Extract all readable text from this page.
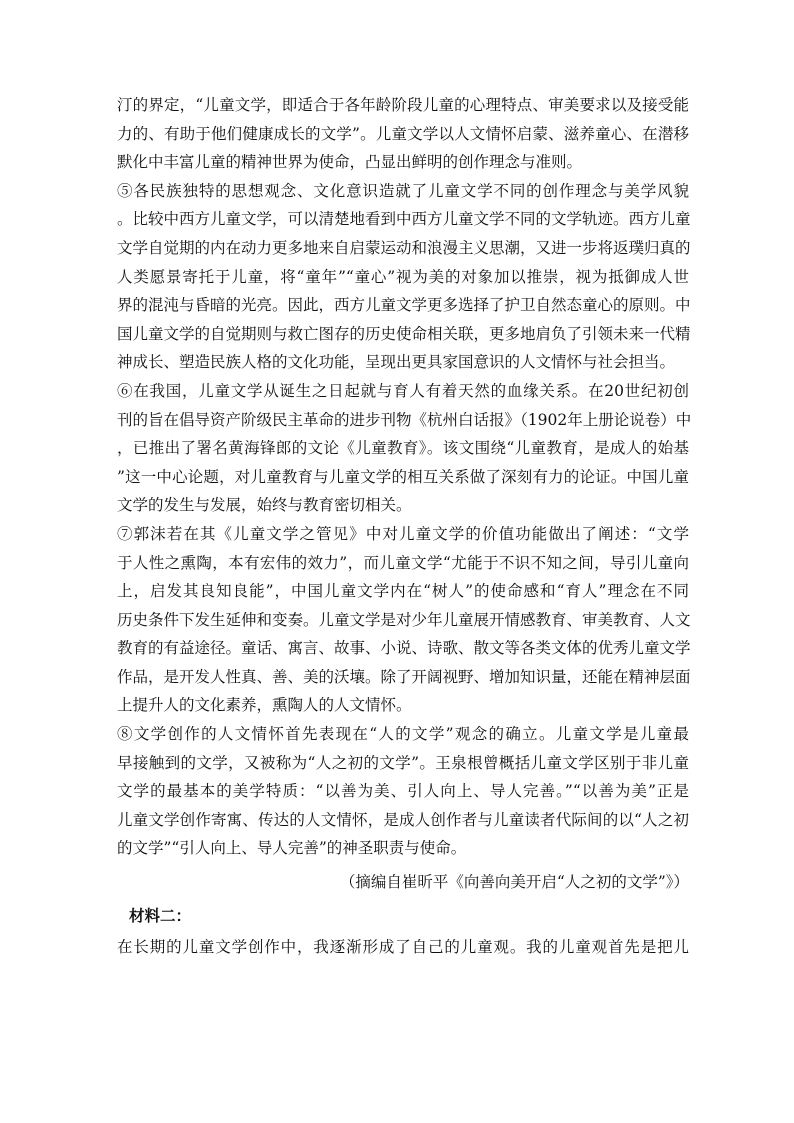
汀的界定，“儿童文学，即适合于各年龄阶段儿童的心理特点、审美要求以及接受能
力的、有助于他们健康成长的文学”。儿童文学以人文情怀启蒙、滋养童心、在潜移
默化中丰富儿童的精神世界为使命，凸显出鲜明的创作理念与准则。
⑤各民族独特的思想观念、文化意识造就了儿童文学不同的创作理念与美学风貌
。比较中西方儿童文学，可以清楚地看到中西方儿童文学不同的文学轨迹。西方儿童
文学自觉期的内在动力更多地来自启蒙运动和浪漫主义思潮，又进一步将返璞归真的
人类愿景寄托于儿童，将“童年”“童心”视为美的对象加以推崇，视为抵御成人世
界的混沌与昏暗的光亮。因此，西方儿童文学更多选择了护卫自然态童心的原则。中
国儿童文学的自觉期则与救亡图存的历史使命相关联，更多地肩负了引领未来一代精
神成长、塑造民族人格的文化功能，呈现出更具家国意识的人文情怀与社会担当。
⑥在我国，儿童文学从诞生之日起就与育人有着天然的血缘关系。在20世纪初创
刊的旨在倡导资产阶级民主革命的进步刊物《杭州白话报》（1902年上册论说卷）中
，已推出了署名黄海锋郎的文论《儿童教育》。该文围绕“儿童教育，是成人的始基
”这一中心论题，对儿童教育与儿童文学的相互关系做了深刻有力的论证。中国儿童
文学的发生与发展，始终与教育密切相关。
⑦郭沫若在其《儿童文学之管见》中对儿童文学的价值功能做出了阐述：“文学
于人性之熏陶，本有宏伟的效力”，而儿童文学“尤能于不识不知之间，导引儿童向
上，启发其良知良能”，中国儿童文学内在“树人”的使命感和“育人”理念在不同
历史条件下发生延伸和变奏。儿童文学是对少年儿童展开情感教育、审美教育、人文
教育的有益途径。童话、寓言、故事、小说、诗歌、散文等各类文体的优秀儿童文学
作品，是开发人性真、善、美的沃壤。除了开阔视野、增加知识量，还能在精神层面
上提升人的文化素养，熏陶人的人文情怀。
⑧文学创作的人文情怀首先表现在“人的文学”观念的确立。儿童文学是儿童最
早接触到的文学，又被称为“人之初的文学”。王泉根曾概括儿童文学区别于非儿童
文学的最基本的美学特质：“以善为美、引人向上、导人完善。”“以善为美”正是
儿童文学创作寄寓、传达的人文情怀，是成人创作者与儿童读者代际间的以“人之初
的文学”“引人向上、导人完善”的神圣职责与使命。
（摘编自崔昕平《向善向美开启“人之初的文学”》）
材料二：
在长期的儿童文学创作中，我逐渐形成了自己的儿童观。我的儿童观首先是把儿
